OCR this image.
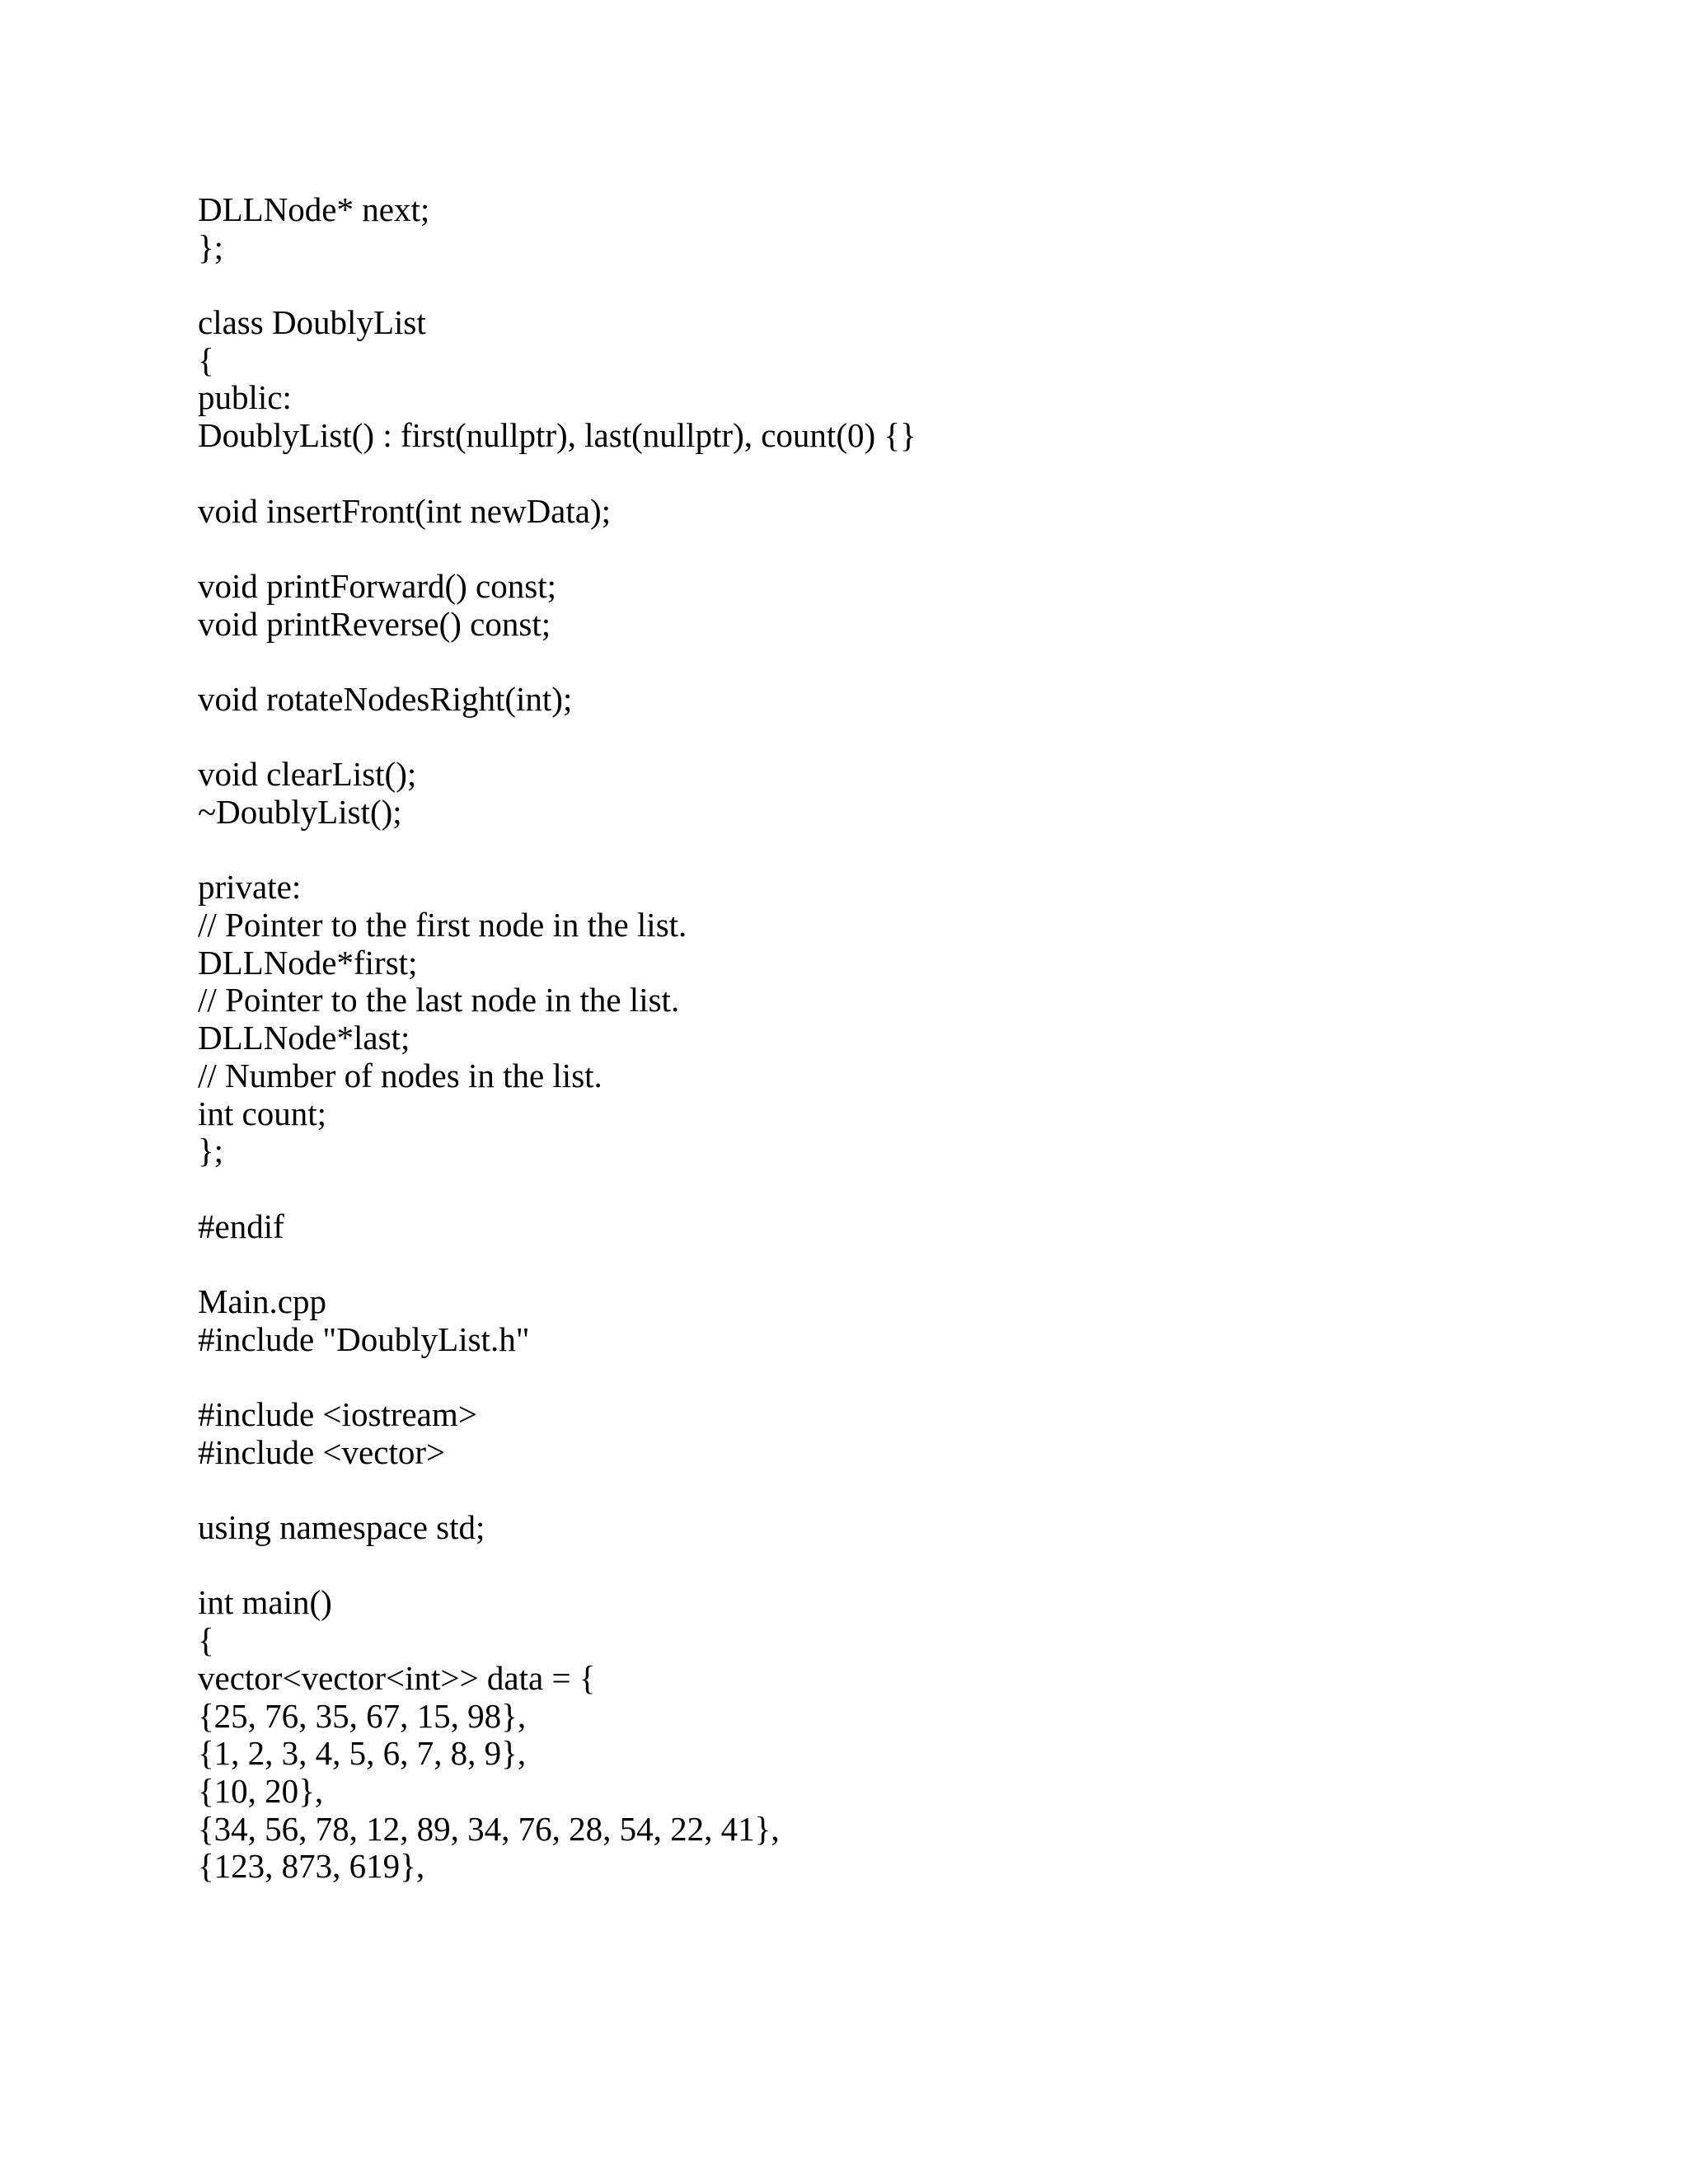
DLLNode* next;
};
class DoublyList
{
public:
DoublyList() : first(nullptr), last(nullptr), count(0) {}
void insertFront(int newData);
void printForward() const;
void printReverse() const;
void rotateNodesRight(int);
void clearList();
~DoublyList();
private:
// Pointer to the first node in the list.
DLLNode*first;
// Pointer to the last node in the list.
DLLNode*last;
// Number of nodes in the list.
int count;
};
#endif
Main.cpp
#include "DoublyList.h"
#include <iostream>
#include <vector>
using namespace std;
int main()
{
vector<vector<int>> data = {
{25, 76, 35, 67, 15, 98},
{1, 2, 3, 4, 5, 6, 7, 8, 9},
{10, 20},
{34, 56, 78, 12, 89, 34, 76, 28, 54, 22, 41},
{123, 873, 619},
